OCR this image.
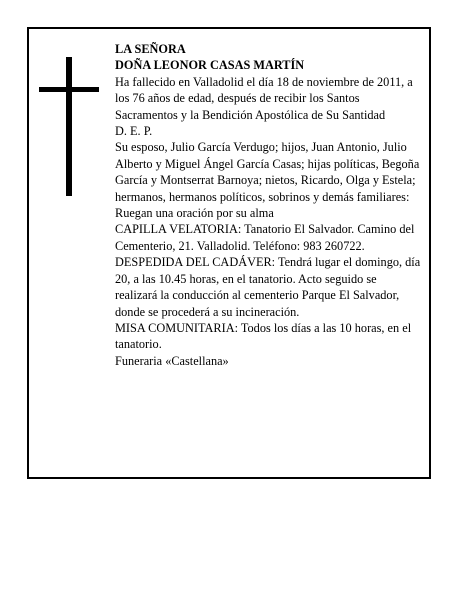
LA SEÑORA

DOÑA LEONOR CASAS MARTÍN

Ha fallecido en Valladolid el día 18 de noviembre de 2011, a los 76 años de edad, después de recibir los Santos Sacramentos y la Bendición Apostólica de Su Santidad

D. E. P.

Su esposo, Julio García Verdugo; hijos, Juan Antonio, Julio Alberto y Miguel Ángel García Casas; hijas políticas, Begoña García y Montserrat Barnoya; nietos, Ricardo, Olga y Estela; hermanos, hermanos políticos, sobrinos y demás familiares:

Ruegan una oración por su alma

CAPILLA VELATORIA: Tanatorio El Salvador. Camino del Cementerio, 21. Valladolid. Teléfono: 983 260722.

DESPEDIDA DEL CADÁVER: Tendrá lugar el domingo, día 20, a las 10.45 horas, en el tanatorio. Acto seguido se realizará la conducción al cementerio Parque El Salvador, donde se procederá a su incineración.

MISA COMUNITARIA: Todos los días a las 10 horas, en el tanatorio.

Funeraria «Castellana»
